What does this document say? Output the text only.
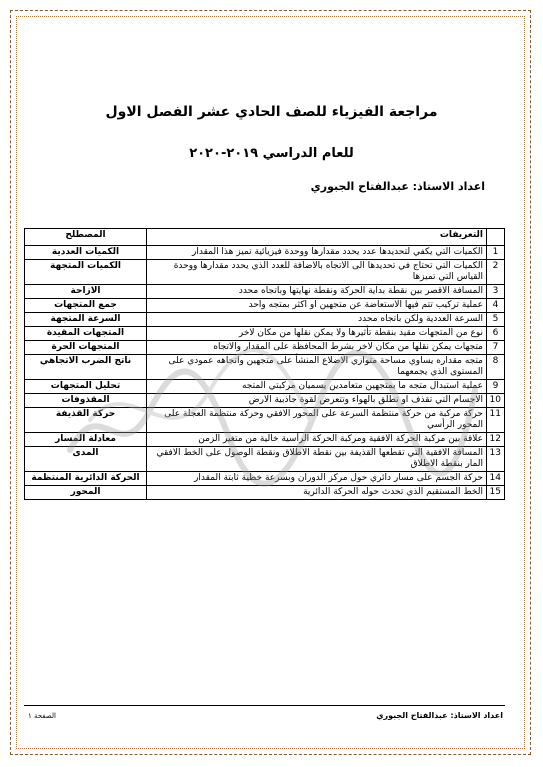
مراجعة الفيزياء للصف الحادي عشر الفصل الاول
للعام الدراسي ٢٠١٩-٢٠٢٠
اعداد الاستاذ: عبدالفتاح الجبوري
	التعريفات	المصطلح
1	الكميات التي يكفي لتحديدها عدد يحدد مقدارها ووحدة فيزيائية تميز هذا المقدار	الكميات العددية
2	الكميات التي تحتاج في تحديدها الى الاتجاه بالاضافة للعدد الذي يحدد مقدارها ووحدة القياس التي تميزها	الكميات المتجهة
3	المسافة الاقصر بين نقطة بداية الحركة ونقطة نهايتها وباتجاه محدد	الازاحة
4	عملية تركيب تتم فيها الاستعاضة عن متجهين او اكثر بمتجه واحد	جمع المتجهات
5	السرعة العددية ولكن باتجاه محدد	السرعة المتجهة
6	نوع من المتجهات مقيد بنقطة تأثيرها ولا يمكن نقلها من مكان لاخر	المتجهات المقيدة
7	متجهات يمكن نقلها من مكان لاخر بشرط المحافظة على المقدار والاتجاه	المتجهات الحرة
8	متجه مقداره يساوي مساحة متوازي الاضلاع المنشأ على متجهين واتجاهه عمودي على المستوى الذي يجمعهما	ناتج الضرب الاتجاهي
9	عملية استبدال متجه ما بمتجهين متعامدين يسميان مركبتي المتجه	تحليل المتجهات
10	الاجسام التي تقذف او تطلق بالهواء وتتعرض لقوة جاذبية الارض	المقذوفات
11	حركة مركبة من حركة منتظمة السرعة على المحور الافقي وحركة منتظمة العجلة على المحور الرأسي	حركة القذيفة
12	علاقة بين مركبة الحركة الافقية ومركبة الحركة الرأسية خالية من متغير الزمن	معادلة المسار
13	المسافة الافقية التي تقطعها القذيفة بين نقطة الاطلاق ونقطة الوصول على الخط الافقي المار بنقطة الاطلاق	المدى
14	حركة الجسم على مسار دائري حول مركز الدوران وبسرعة خطية ثابتة المقدار	الحركة الدائرية المنتظمة
15	الخط المستقيم الذي تحدث حوله الحركة الدائرية	المحور
اعداد الاستاذ: عبدالفتاح الجبوري
الصفحة ١
